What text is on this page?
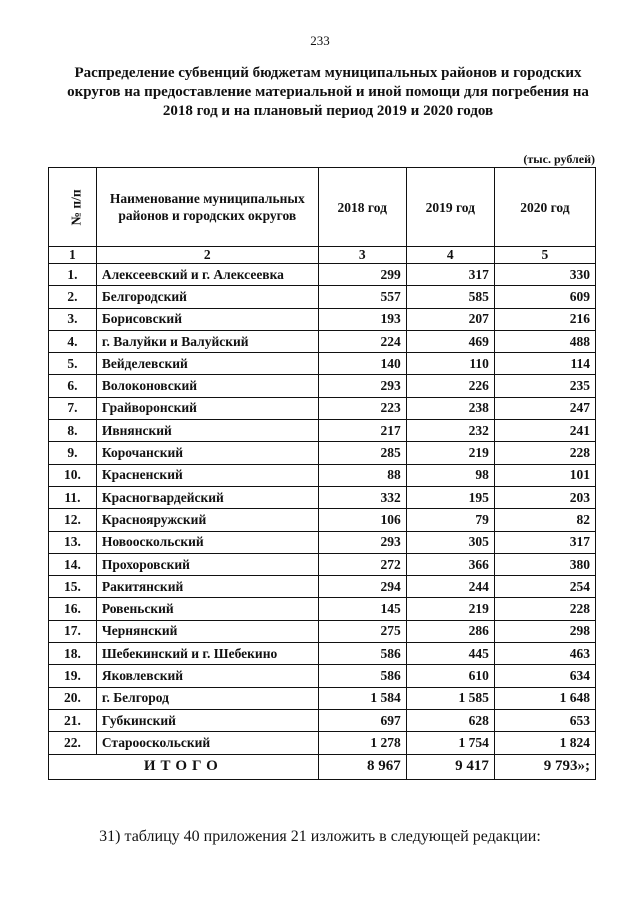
233
Распределение субвенций бюджетам муниципальных районов и городских округов на предоставление материальной и иной помощи для погребения на 2018 год и на плановый период 2019 и 2020 годов
(тыс. рублей)
№ п/п	Наименование муниципальных районов и городских округов	2018 год	2019 год	2020 год
1	2	3	4	5
1.	Алексеевский и г. Алексеевка	299	317	330
2.	Белгородский	557	585	609
3.	Борисовский	193	207	216
4.	г. Валуйки и Валуйский	224	469	488
5.	Вейделевский	140	110	114
6.	Волоконовский	293	226	235
7.	Грайворонский	223	238	247
8.	Ивнянский	217	232	241
9.	Корочанский	285	219	228
10.	Красненский	88	98	101
11.	Красногвардейский	332	195	203
12.	Краснояружский	106	79	82
13.	Новооскольский	293	305	317
14.	Прохоровский	272	366	380
15.	Ракитянский	294	244	254
16.	Ровеньский	145	219	228
17.	Чернянский	275	286	298
18.	Шебекинский и г. Шебекино	586	445	463
19.	Яковлевский	586	610	634
20.	г. Белгород	1 584	1 585	1 648
21.	Губкинский	697	628	653
22.	Старооскольский	1 278	1 754	1 824
ИТОГО		8 967	9 417	9 793»;
31) таблицу 40 приложения 21 изложить в следующей редакции:
